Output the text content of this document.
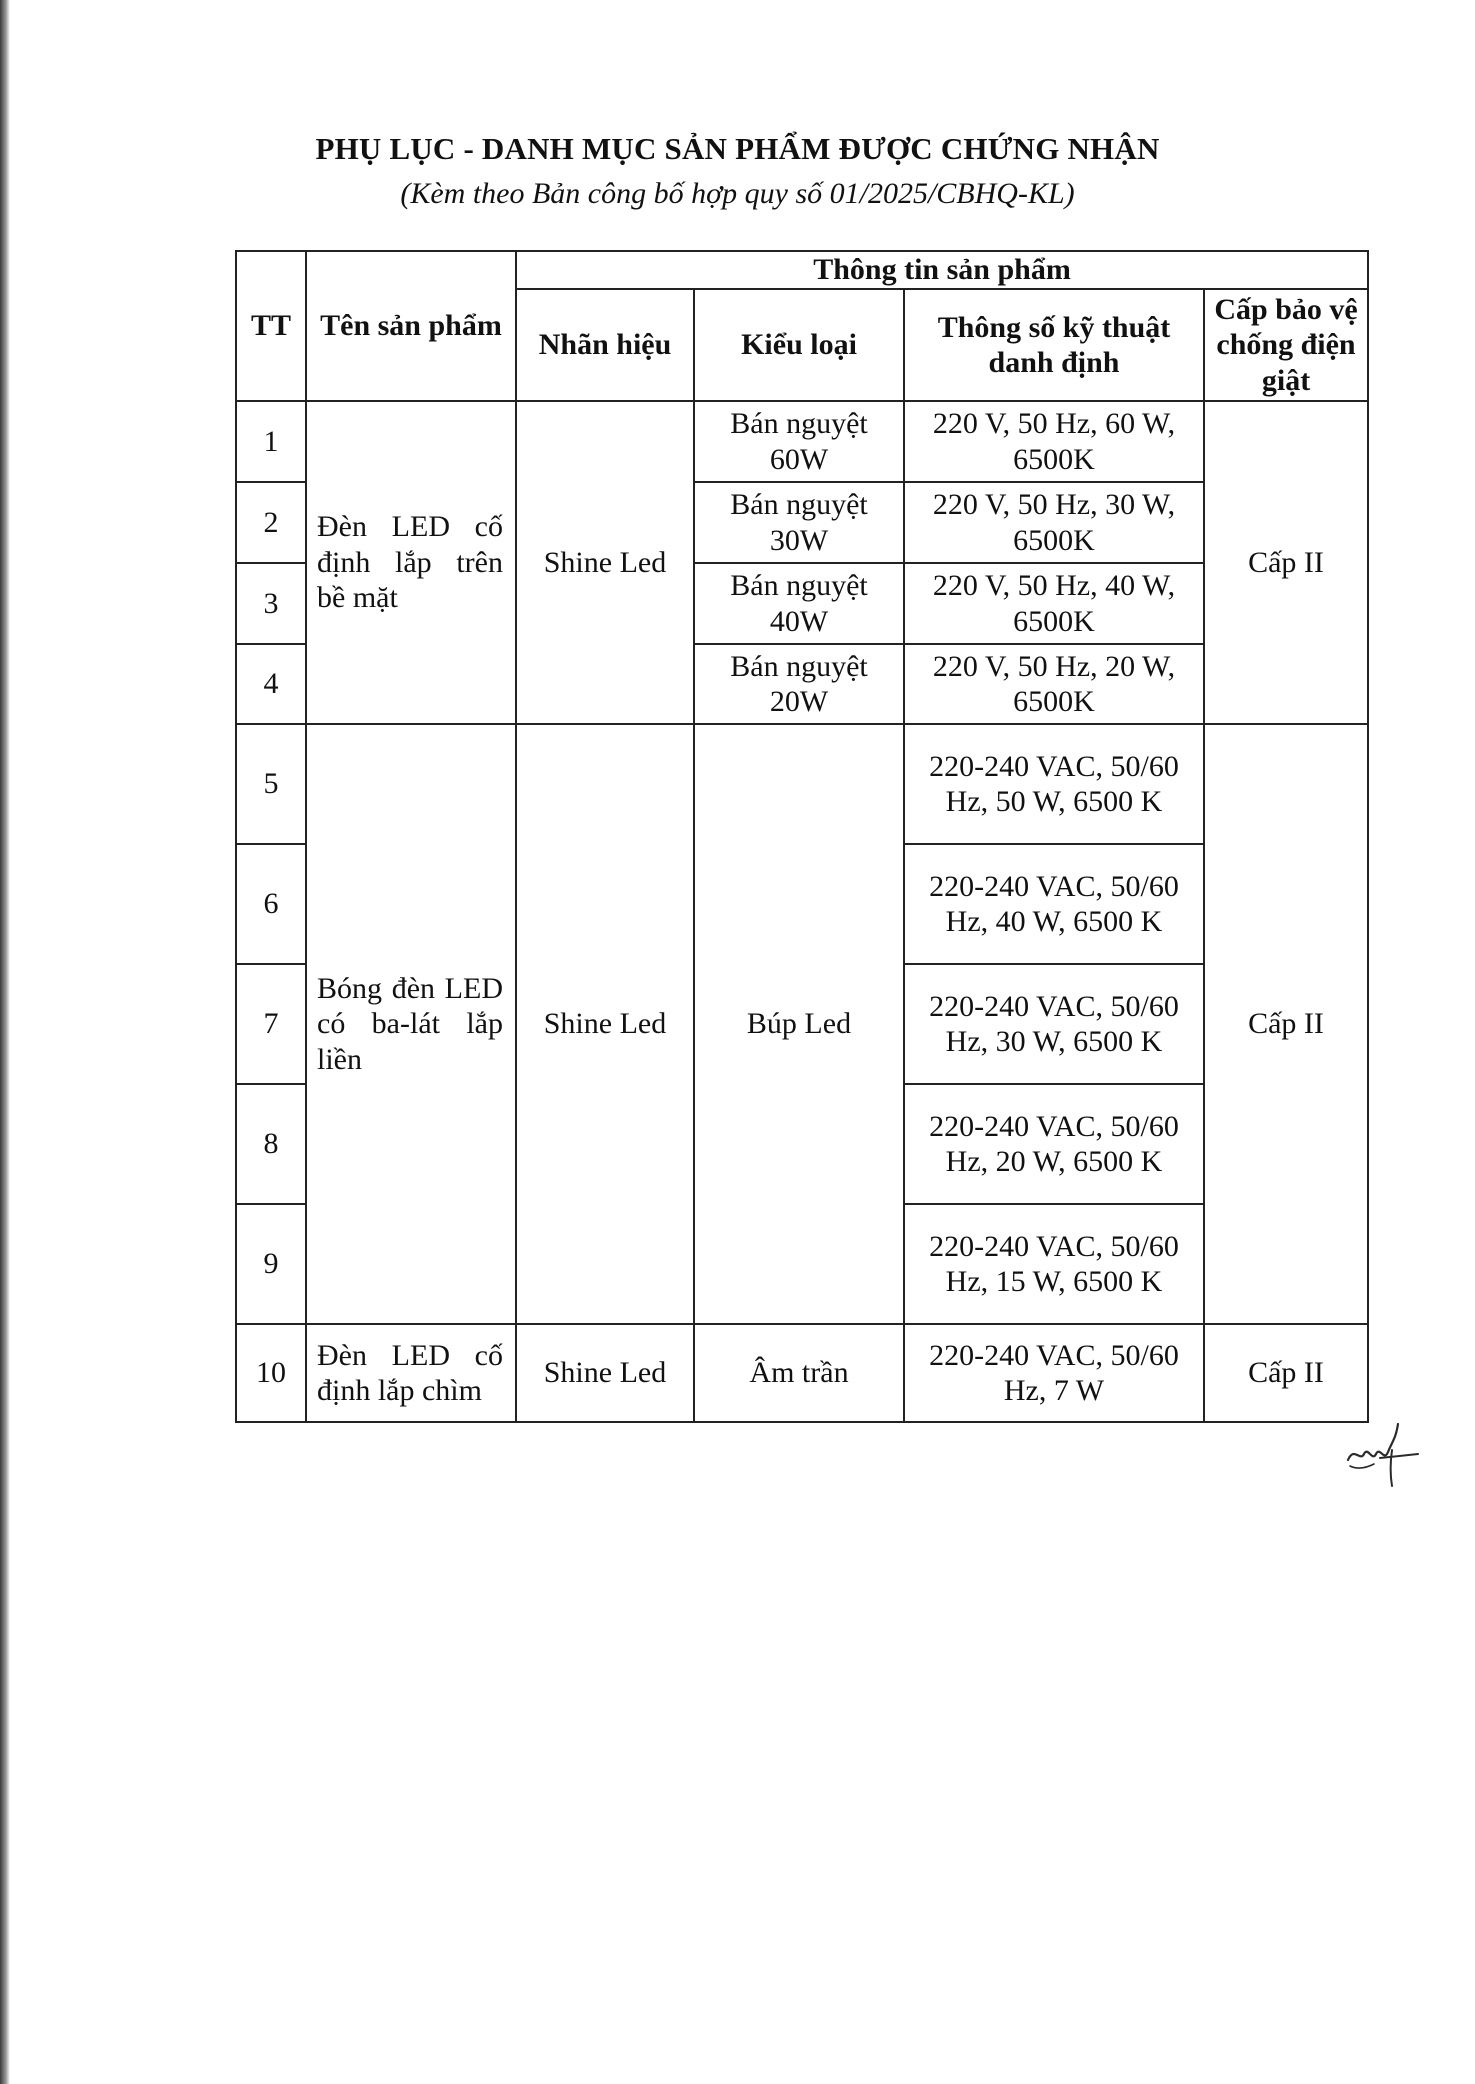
PHỤ LỤC - DANH MỤC SẢN PHẨM ĐƯỢC CHỨNG NHẬN
(Kèm theo Bản công bố hợp quy số 01/2025/CBHQ-KL)
TT	Tên sản phẩm	Thông tin sản phẩm			
		Nhãn hiệu	Kiểu loại	Thông số kỹ thuật danh định	Cấp bảo vệ chống điện giật
1	Đèn LED cố định lắp trên bề mặt	Shine Led	Bán nguyệt 60W	220 V, 50 Hz, 60 W, 6500K	Cấp II
2			Bán nguyệt 30W	220 V, 50 Hz, 30 W, 6500K	
3			Bán nguyệt 40W	220 V, 50 Hz, 40 W, 6500K	
4			Bán nguyệt 20W	220 V, 50 Hz, 20 W, 6500K	
5	Bóng đèn LED có ba-lát lắp liền	Shine Led	Búp Led	220-240 VAC, 50/60 Hz, 50 W, 6500 K	Cấp II
6				220-240 VAC, 50/60 Hz, 40 W, 6500 K	
7				220-240 VAC, 50/60 Hz, 30 W, 6500 K	
8				220-240 VAC, 50/60 Hz, 20 W, 6500 K	
9				220-240 VAC, 50/60 Hz, 15 W, 6500 K	
10	Đèn LED cố định lắp chìm	Shine Led	Âm trần	220-240 VAC, 50/60 Hz, 7 W	Cấp II
